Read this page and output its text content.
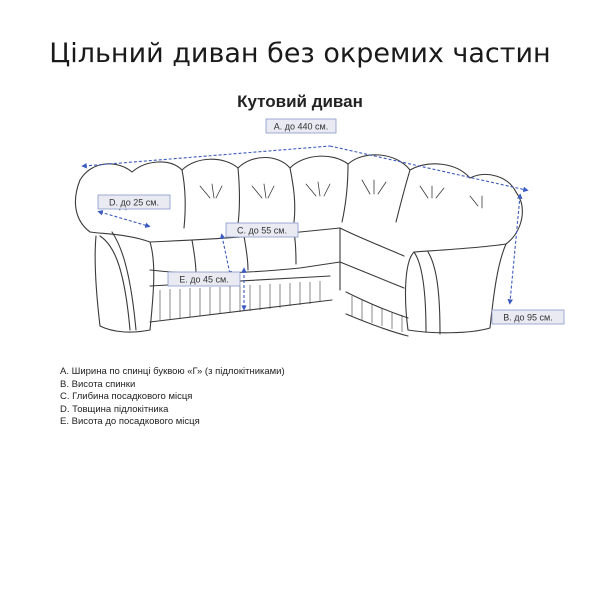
Цільний диван без окремих частин
Кутовий диван
А. до 440 см.
D. до 25 см.
С. до 55 см.
Е. до 45 см.
В. до 95 см.
А. Ширина по спинці буквою «Г» (з підлокітниками)
В. Висота спинки
С. Глибина посадкового місця
D. Товщина підлокітника
Е. Висота до посадкового місця
